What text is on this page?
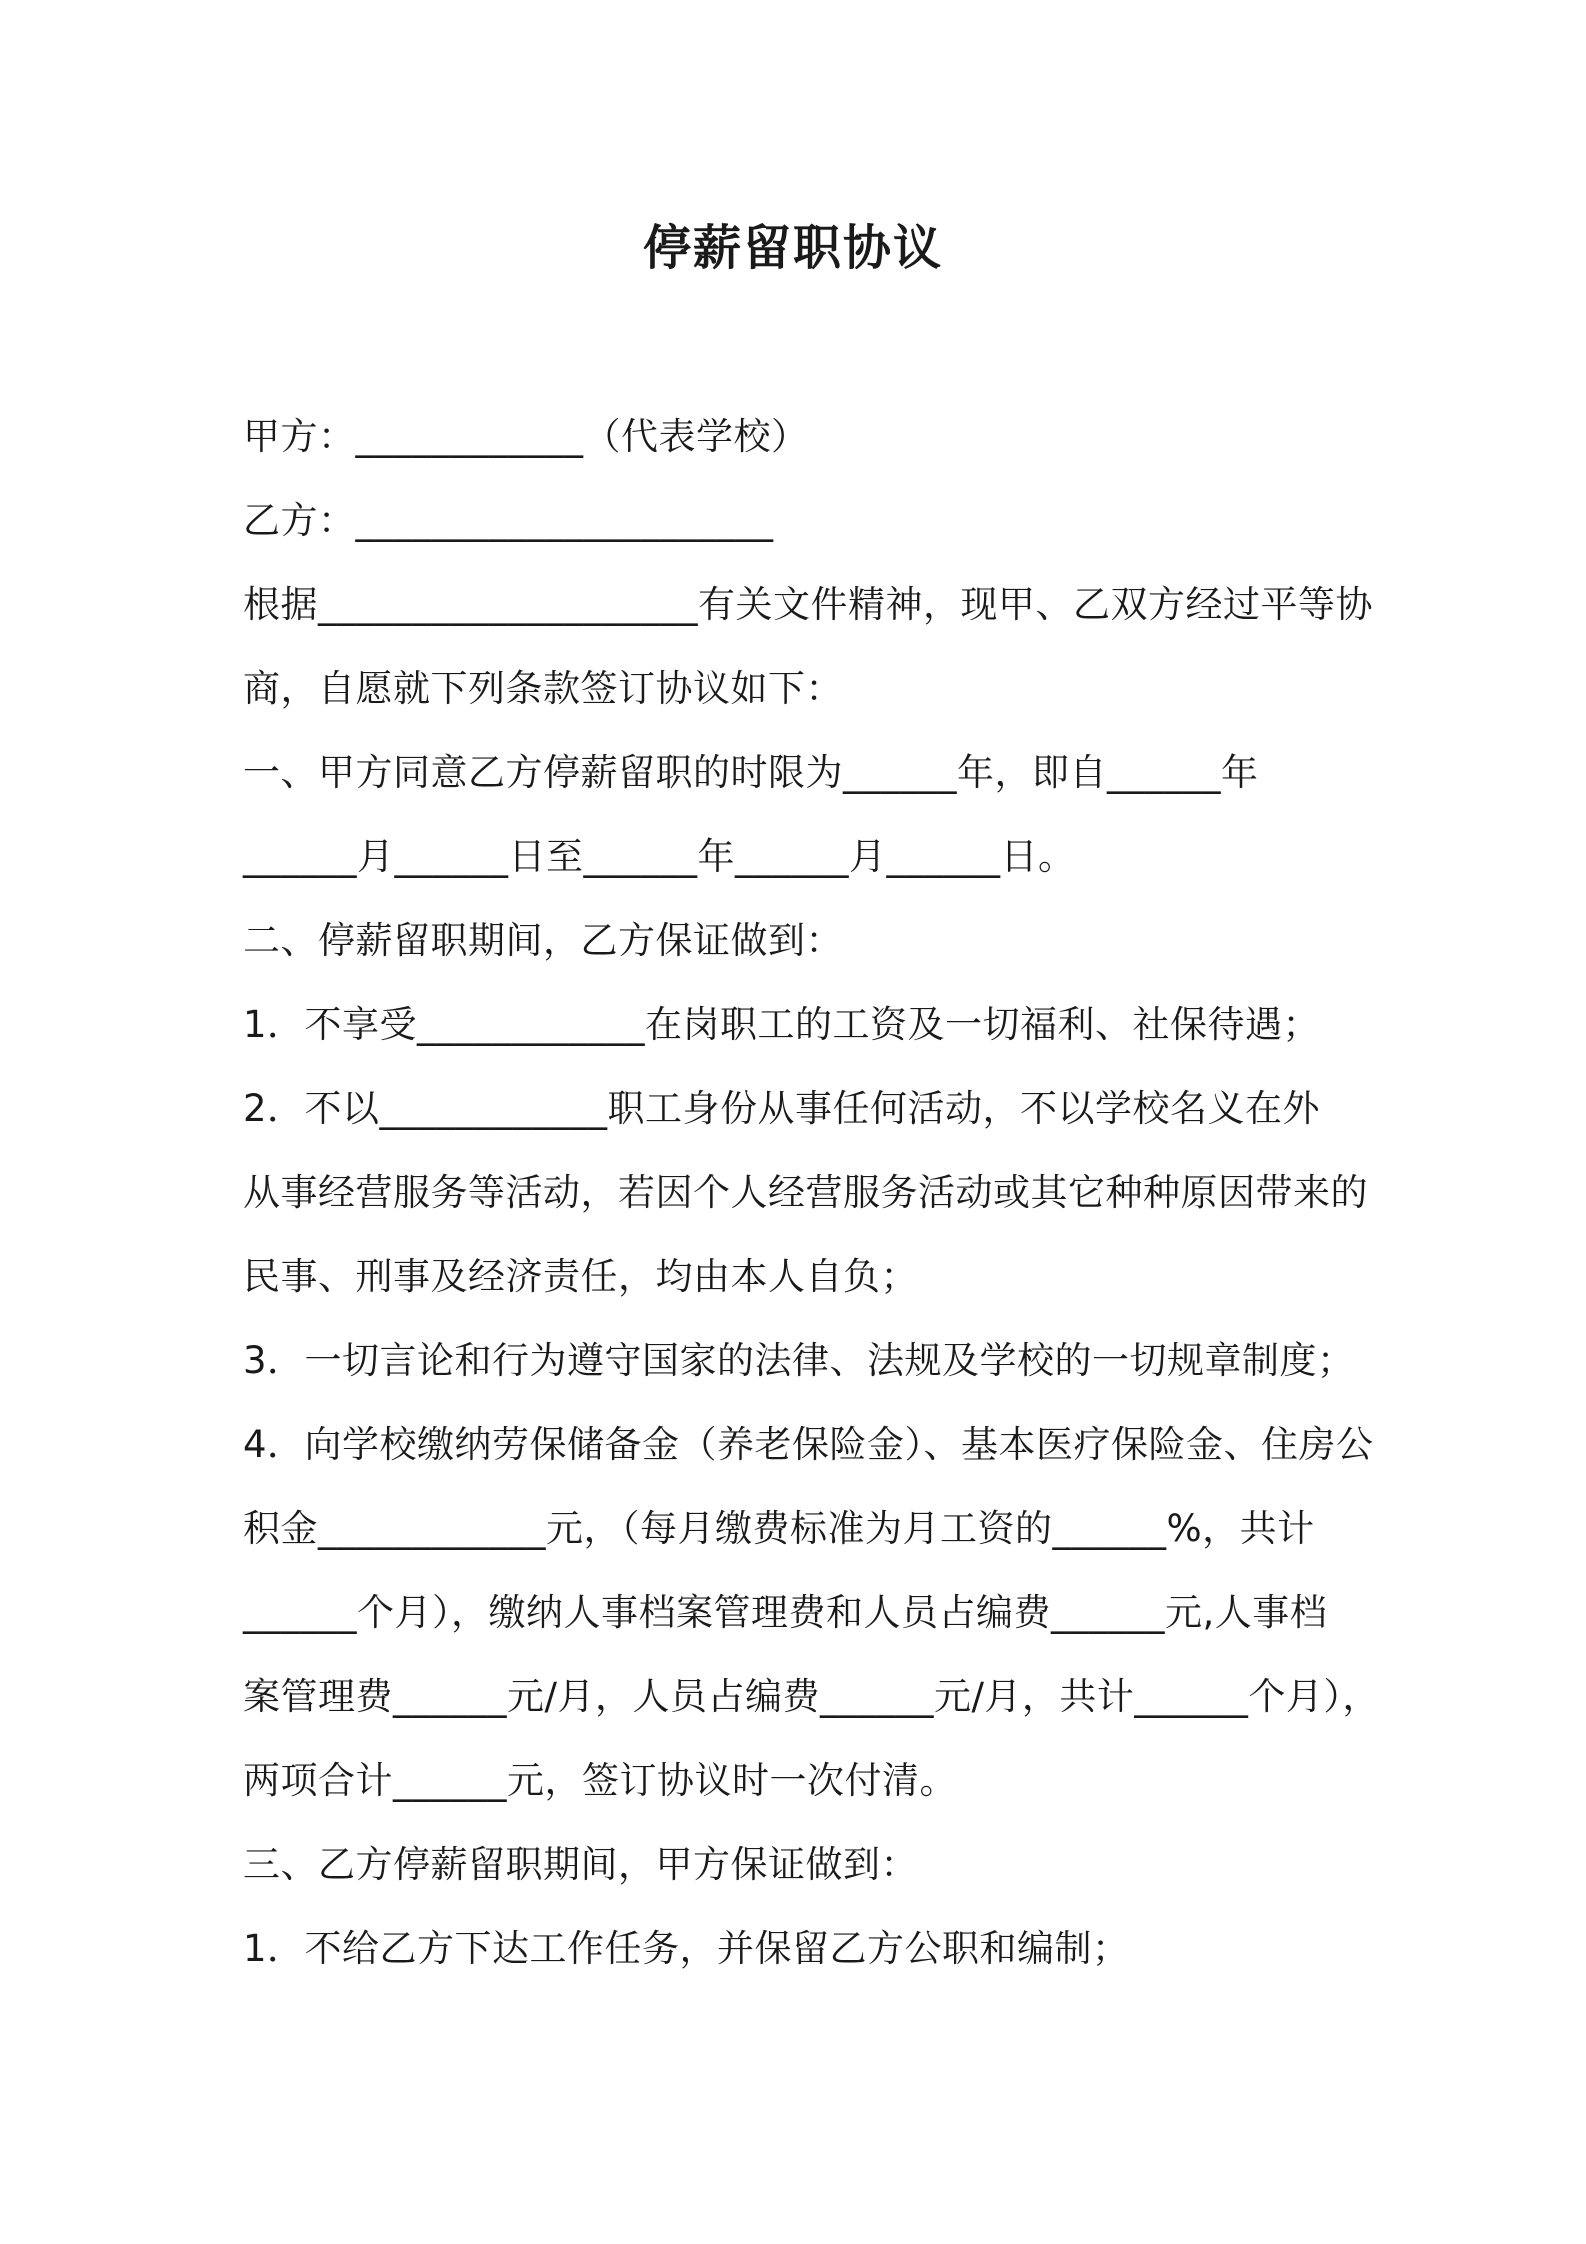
停薪留职协议
甲方：____________（代表学校）
乙方：______________________
根据____________________有关文件精神，现甲、乙双方经过平等协
商，自愿就下列条款签订协议如下：
一、甲方同意乙方停薪留职的时限为______年，即自______年
______月______日至______年______月______日。
二、停薪留职期间，乙方保证做到：
1．不享受____________在岗职工的工资及一切福利、社保待遇；
2．不以____________职工身份从事任何活动，不以学校名义在外
从事经营服务等活动，若因个人经营服务活动或其它种种原因带来的
民事、刑事及经济责任，均由本人自负；
3．一切言论和行为遵守国家的法律、法规及学校的一切规章制度；
4．向学校缴纳劳保储备金（养老保险金）、基本医疗保险金、住房公
积金____________元，（每月缴费标准为月工资的______%，共计
______个月），缴纳人事档案管理费和人员占编费______元,人事档
案管理费______元/月，人员占编费______元/月，共计______个月），
两项合计______元，签订协议时一次付清。
三、乙方停薪留职期间，甲方保证做到：
1．不给乙方下达工作任务，并保留乙方公职和编制；
